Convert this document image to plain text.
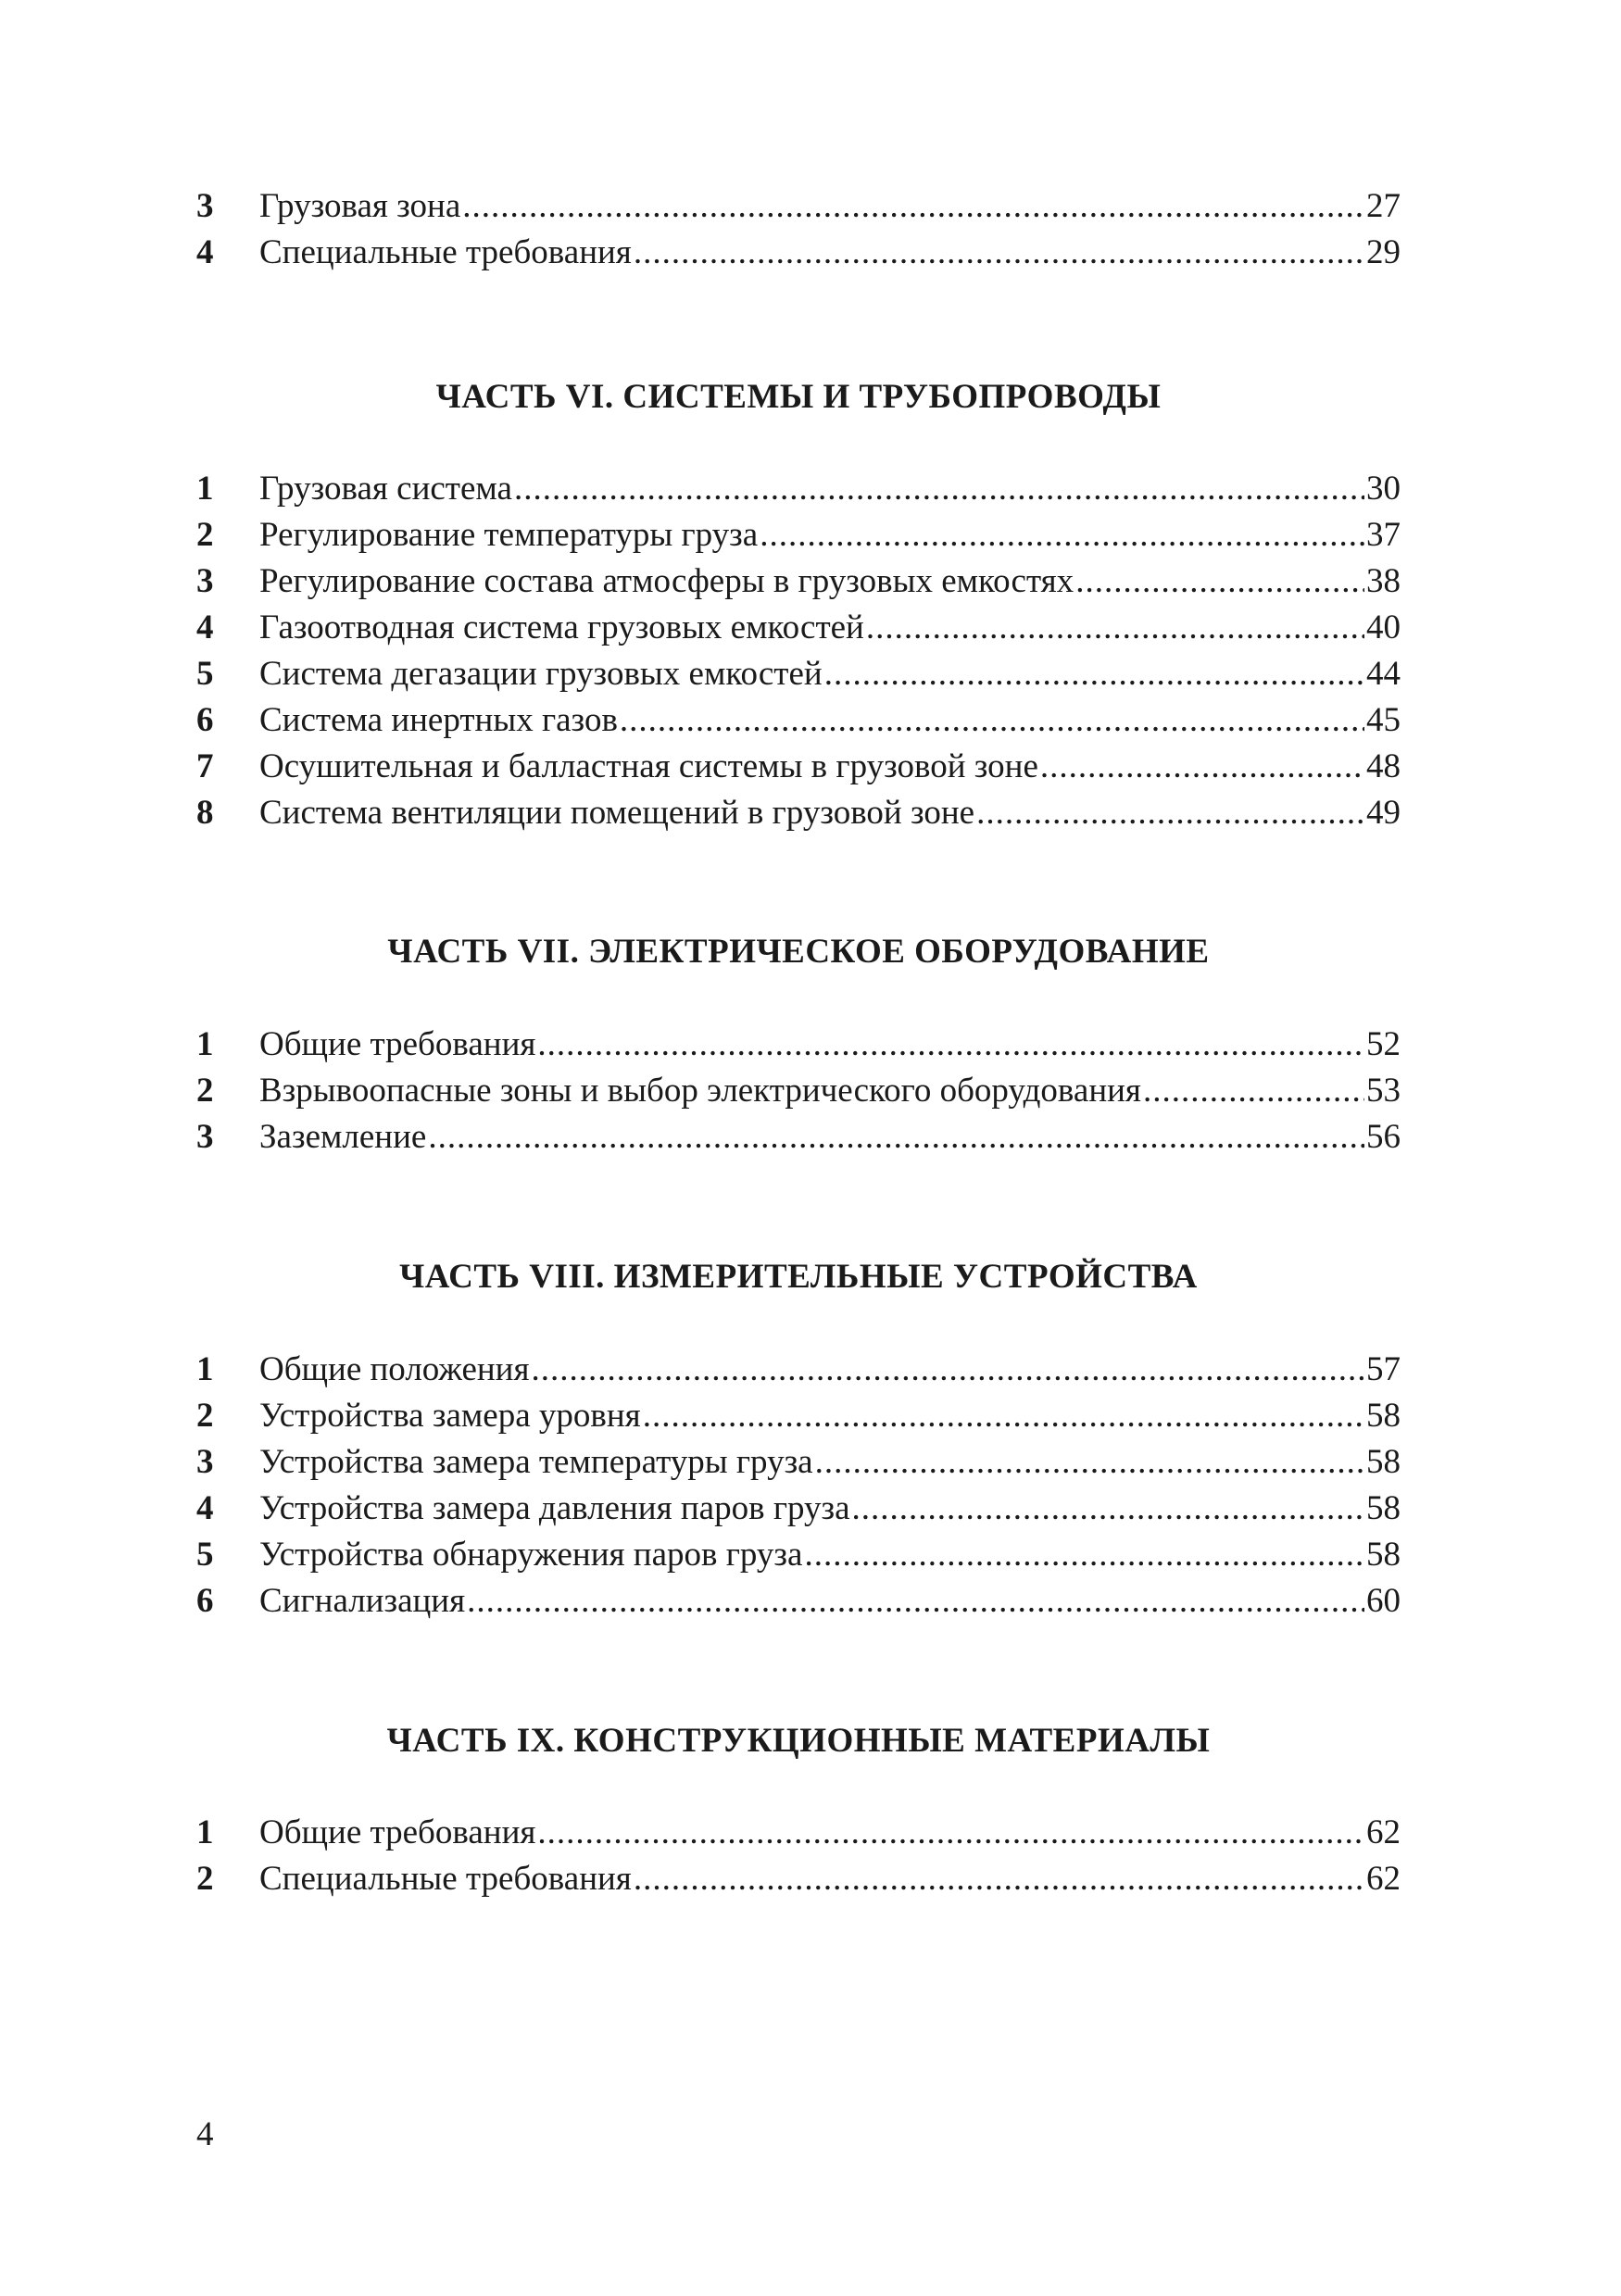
3	Грузовая зона .....	27
4	Специальные требования .....	29
ЧАСТЬ VI. СИСТЕМЫ И ТРУБОПРОВОДЫ
1	Грузовая система .....	30
2	Регулирование температуры груза .....	37
3	Регулирование состава атмосферы в грузовых емкостях .....	38
4	Газоотводная система грузовых емкостей .....	40
5	Система дегазации грузовых емкостей .....	44
6	Система инертных газов .....	45
7	Осушительная и балластная системы в грузовой зоне .....	48
8	Система вентиляции помещений в грузовой зоне .....	49
ЧАСТЬ VII. ЭЛЕКТРИЧЕСКОЕ ОБОРУДОВАНИЕ
1	Общие требования .....	52
2	Взрывоопасные зоны и выбор электрического оборудования .....	53
3	Заземление .....	56
ЧАСТЬ VIII. ИЗМЕРИТЕЛЬНЫЕ УСТРОЙСТВА
1	Общие положения .....	57
2	Устройства замера уровня .....	58
3	Устройства замера температуры груза .....	58
4	Устройства замера давления паров груза .....	58
5	Устройства обнаружения паров груза .....	58
6	Сигнализация .....	60
ЧАСТЬ IX. КОНСТРУКЦИОННЫЕ МАТЕРИАЛЫ
1	Общие требования .....	62
2	Специальные требования .....	62
4
